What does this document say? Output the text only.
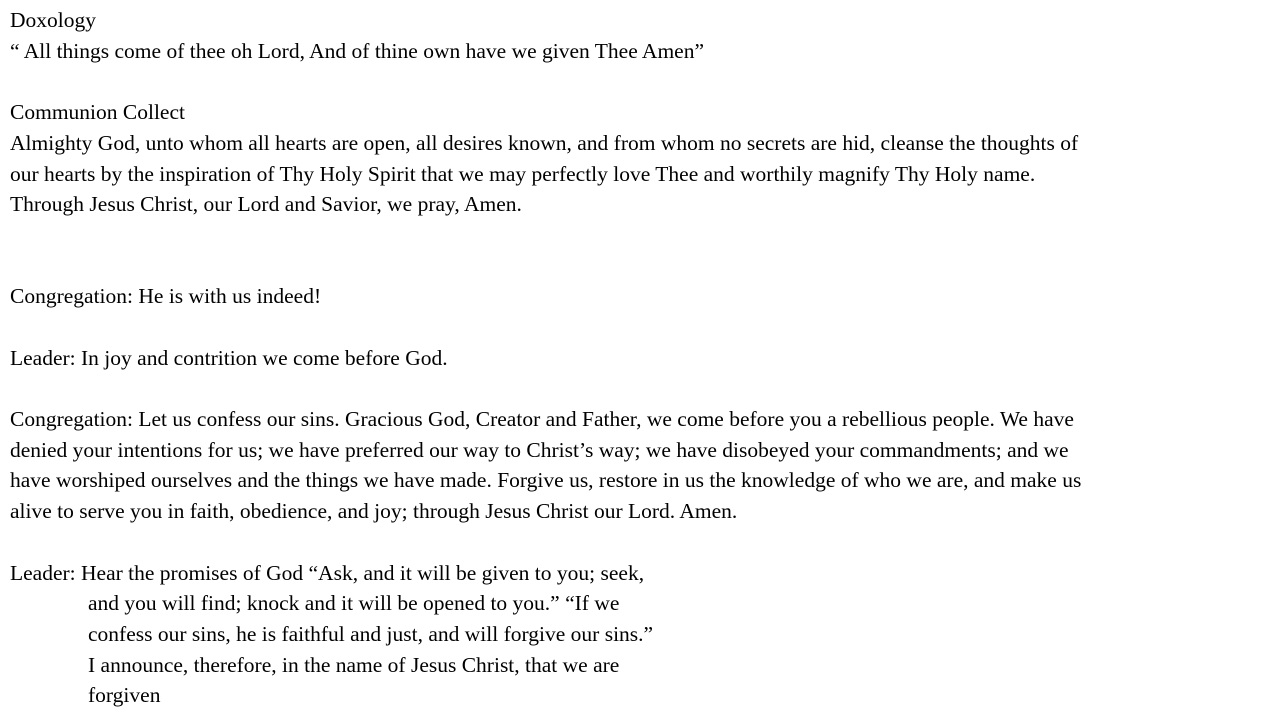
Doxology
“ All things come of thee oh Lord, And of thine own have we given Thee Amen”
Communion Collect
Almighty God, unto whom all hearts are open, all desires known, and from whom no secrets are hid, cleanse the thoughts of
our hearts by the inspiration of Thy Holy Spirit that we may perfectly love Thee and worthily magnify Thy Holy name.
Through Jesus Christ, our Lord and Savior, we pray, Amen.
Congregation: He is with us indeed!
Leader: In joy and contrition we come before God.
Congregation: Let us confess our sins. Gracious God, Creator and Father, we come before you a rebellious people. We have
denied your intentions for us; we have preferred our way to Christ’s way; we have disobeyed your commandments; and we
have worshiped ourselves and the things we have made. Forgive us, restore in us the knowledge of who we are, and make us
alive to serve you in faith, obedience, and joy; through Jesus Christ our Lord. Amen.
Leader: Hear the promises of God “Ask, and it will be given to you; seek,
and you will find; knock and it will be opened to you.” “If we
confess our sins, he is faithful and just, and will forgive our sins.”
I announce, therefore, in the name of Jesus Christ, that we are
forgiven
